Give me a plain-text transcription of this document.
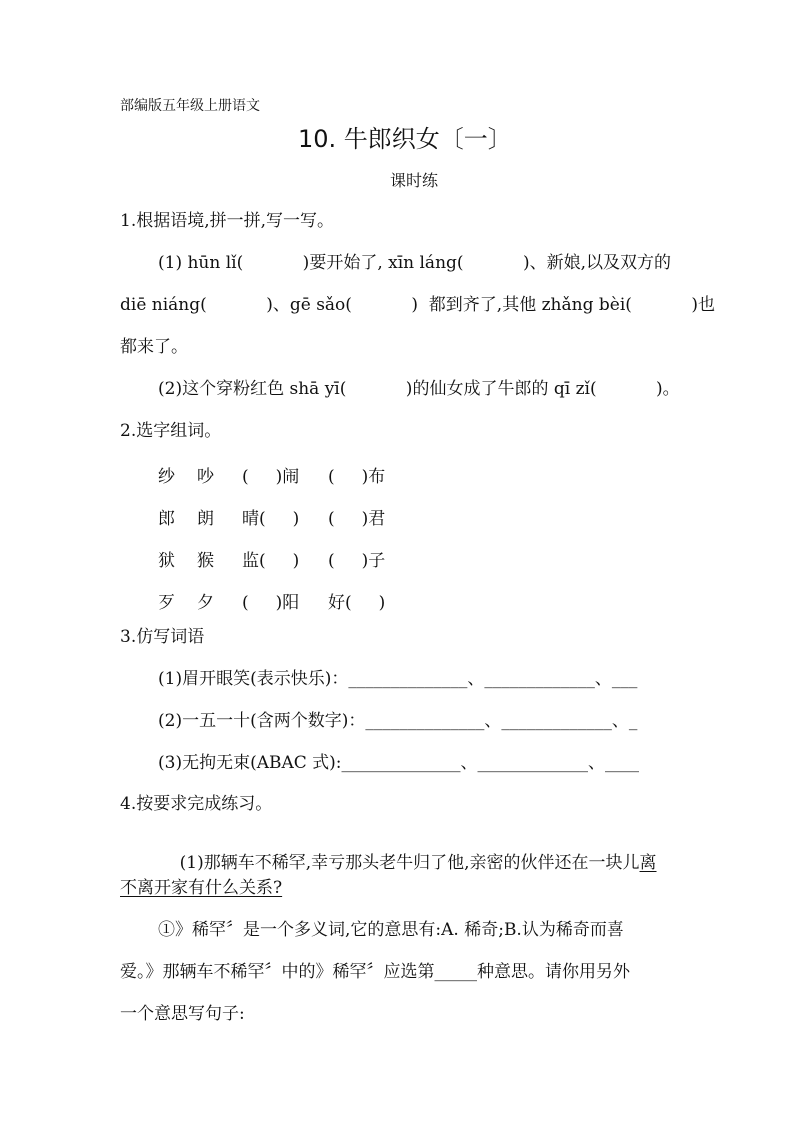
部编版五年级上册语文
10. 牛郎织女〔一〕
课时练
1.根据语境,拼一拼,写一写。
(1) hūn lǐ(           )要开始了, xīn láng(           )、新娘,以及双方的
diē niáng(           )、gē sǎo(           )  都到齐了,其他 zhǎng bèi(           )也
都来了。
(2)这个穿粉红色 shā yī(           )的仙女成了牛郎的 qī zǐ(           )。
2.选字组词。
纱 吵 (     )闹 (     )布
郎 朗 晴(     ) (     )君
狱 猴 监(     ) (     )子
歹 夕 (     )阳 好(     )
3.仿写词语
(1)眉开眼笑(表示快乐)：______________、_____________、___
(2)一五一十(含两个数字)：______________、_____________、_
(3)无拘无束(ABAC 式):______________、_____________、____
4.按要求完成练习。

(1)那辆车不稀罕,幸亏那头老牛归了他,亲密的伙伴还在一块儿离

不离开家有什么关系?
①》稀罕〞是一个多义词,它的意思有:A. 稀奇;B.认为稀奇而喜
爱。》那辆车不稀罕〞中的》稀罕〞应选第_____种意思。请你用另外
一个意思写句子:
